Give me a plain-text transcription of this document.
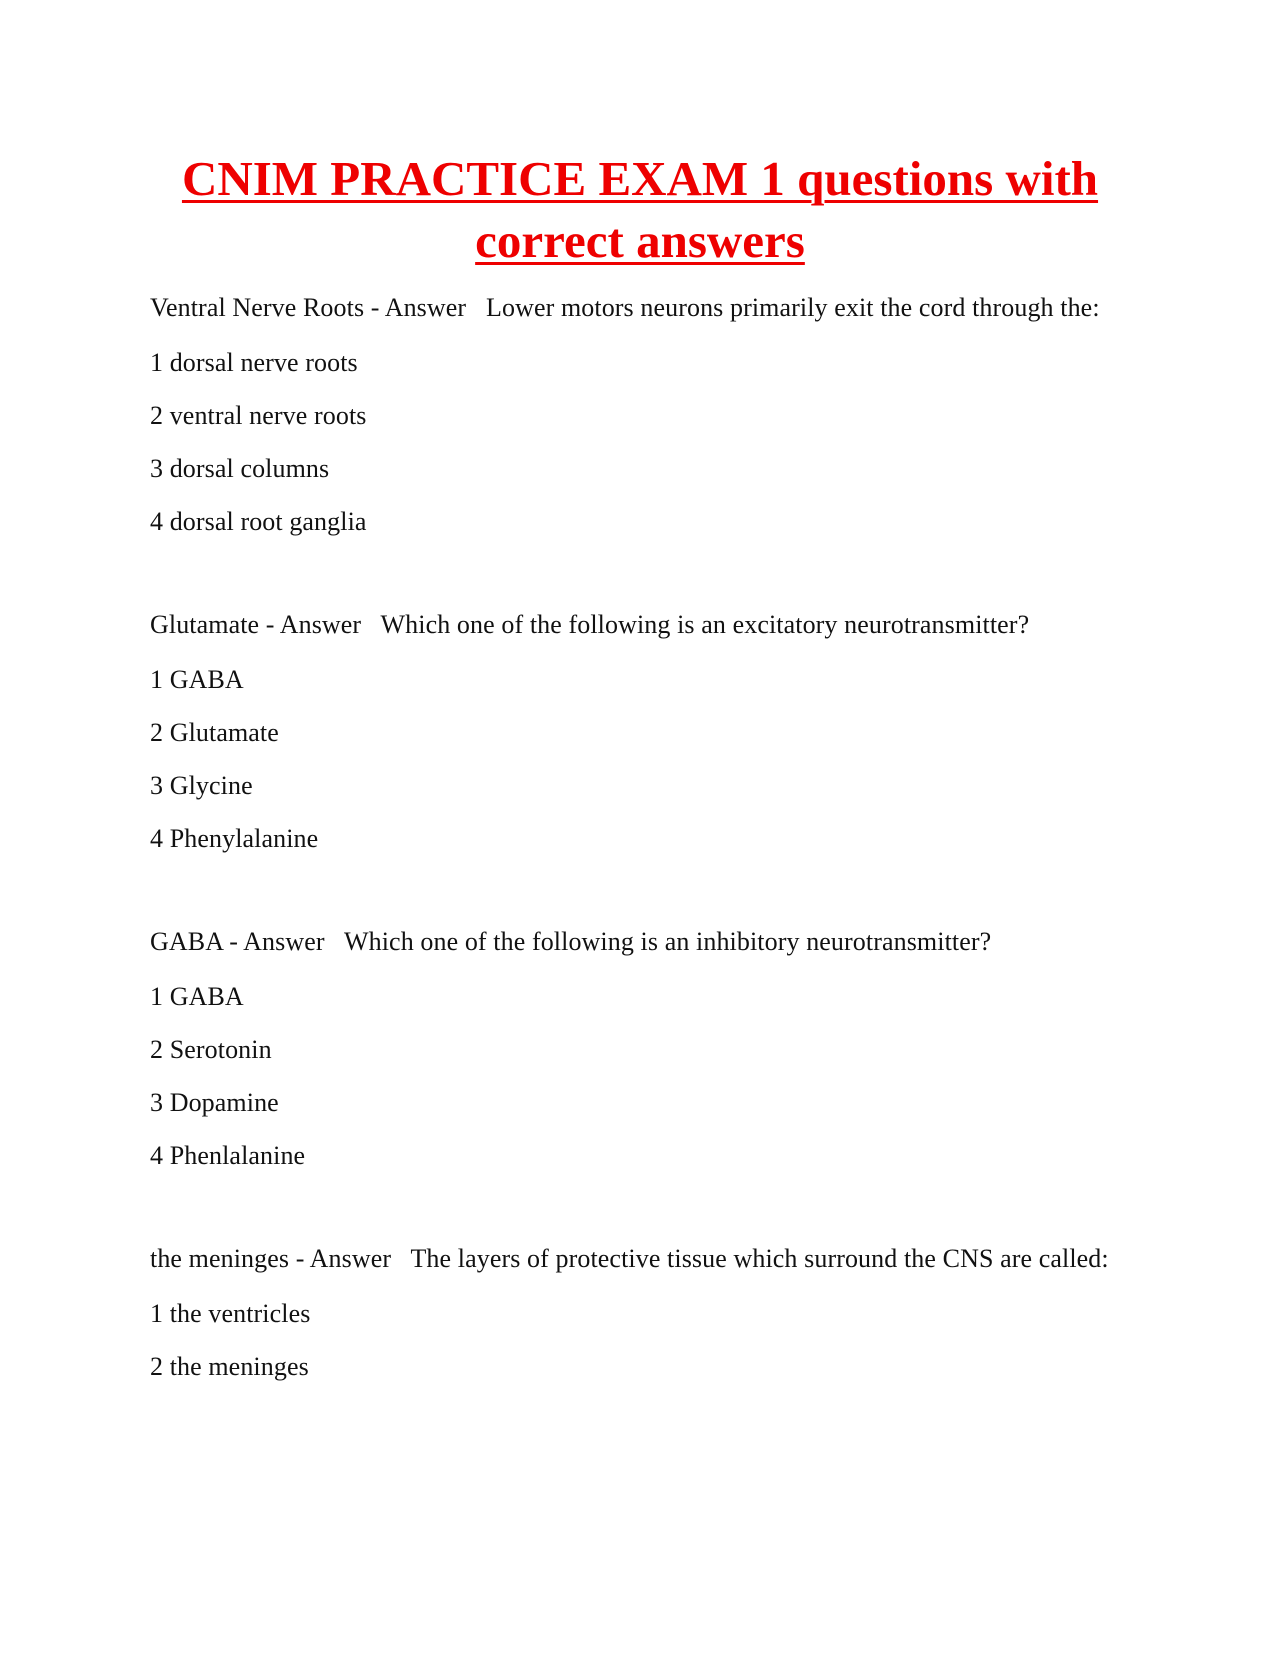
CNIM PRACTICE EXAM 1 questions with correct answers

Ventral Nerve Roots - Answer Lower motors neurons primarily exit the cord through the:

1 dorsal nerve roots

2 ventral nerve roots

3 dorsal columns

4 dorsal root ganglia

Glutamate - Answer Which one of the following is an excitatory neurotransmitter?

1 GABA

2 Glutamate

3 Glycine

4 Phenylalanine

GABA - Answer Which one of the following is an inhibitory neurotransmitter?

1 GABA

2 Serotonin

3 Dopamine

4 Phenlalanine

the meninges - Answer The layers of protective tissue which surround the CNS are called:

1 the ventricles

2 the meninges
